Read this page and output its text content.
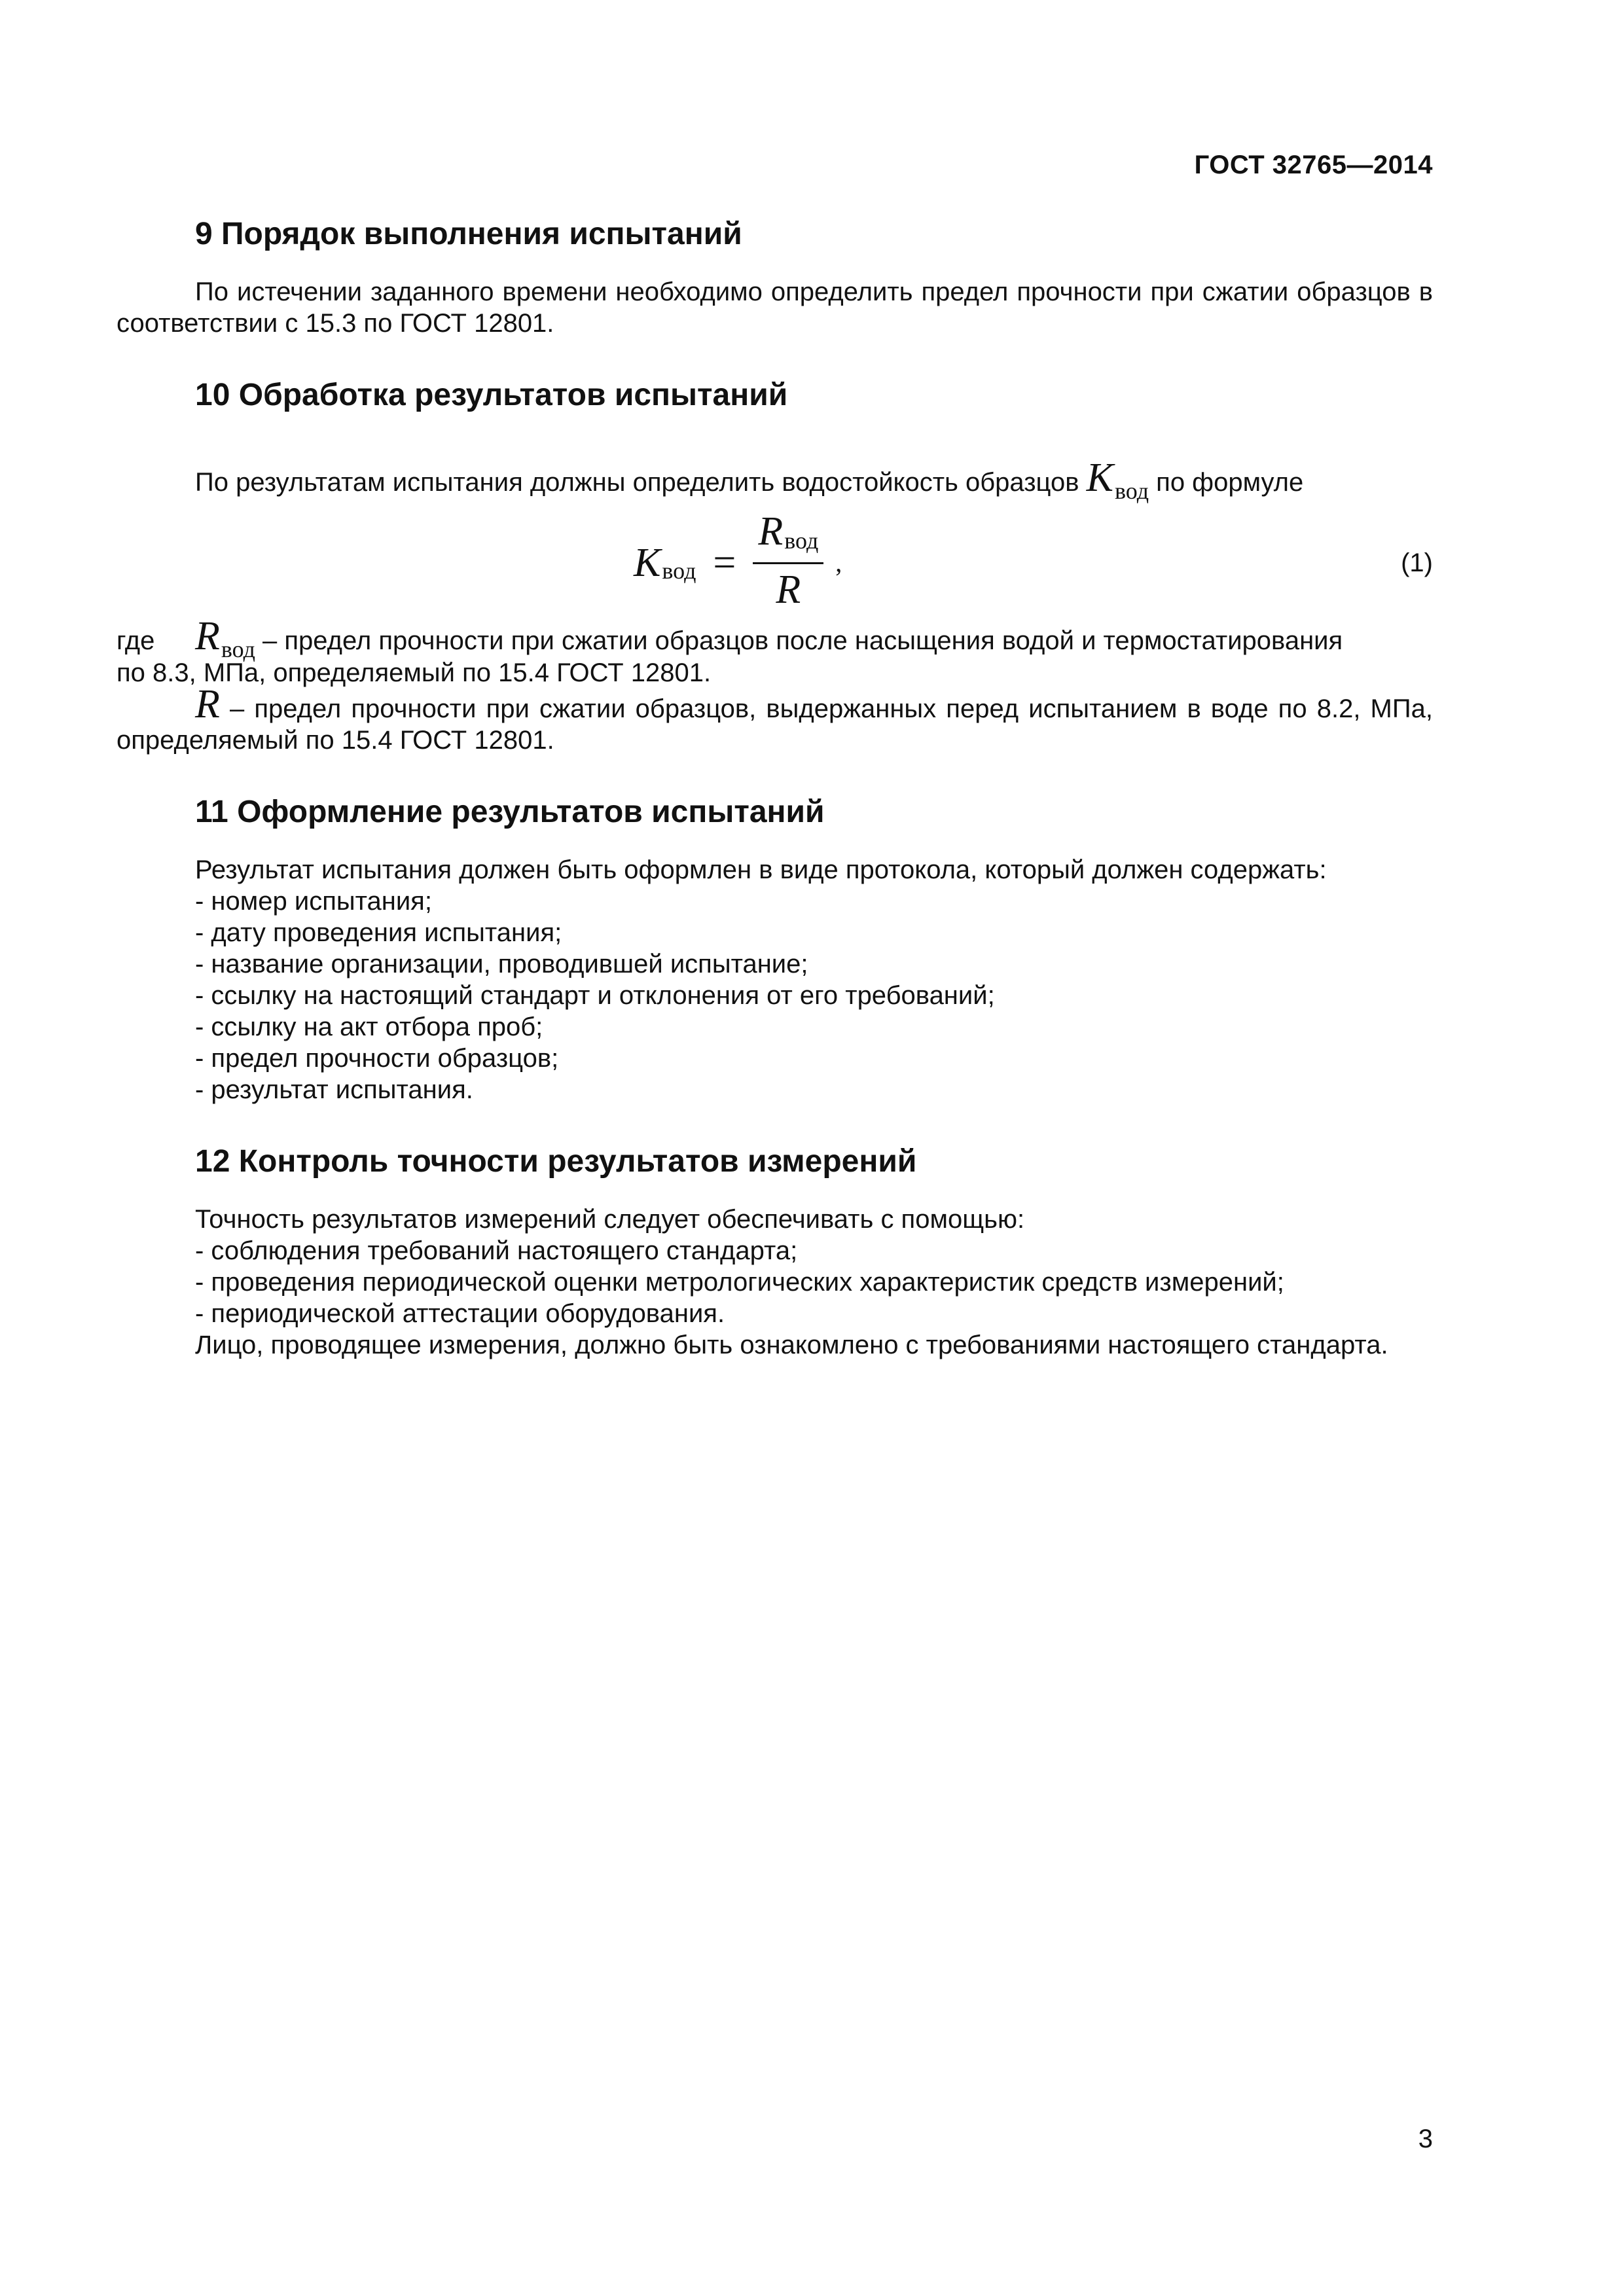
ГОСТ 32765—2014
9 Порядок выполнения испытаний

По истечении заданного времени необходимо определить предел прочности при сжатии образцов в соответствии с 15.3 по ГОСТ 12801.

10 Обработка результатов испытаний

По результатам испытания должны определить водостойкость образцов Kвод по формуле

K вод = $\frac{\text{Rвод}}{R}$ ,	(1)
где Rвод – предел прочности при сжатии образцов после насыщения водой и термостатирования

по 8.3, МПа, определяемый по 15.4 ГОСТ 12801.

R – предел прочности при сжатии образцов, выдержанных перед испытанием в воде по 8.2, МПа, определяемый по 15.4 ГОСТ 12801.

11 Оформление результатов испытаний

Результат испытания должен быть оформлен в виде протокола, который должен содержать:

- номер испытания;

- дату проведения испытания;

- название организации, проводившей испытание;

- ссылку на настоящий стандарт и отклонения от его требований;

- ссылку на акт отбора проб;

- предел прочности образцов;

- результат испытания.

12 Контроль точности результатов измерений

Точность результатов измерений следует обеспечивать с помощью:

- соблюдения требований настоящего стандарта;

- проведения периодической оценки метрологических характеристик средств измерений;

- периодической аттестации оборудования.

Лицо, проводящее измерения, должно быть ознакомлено с требованиями настоящего стандарта.

3
